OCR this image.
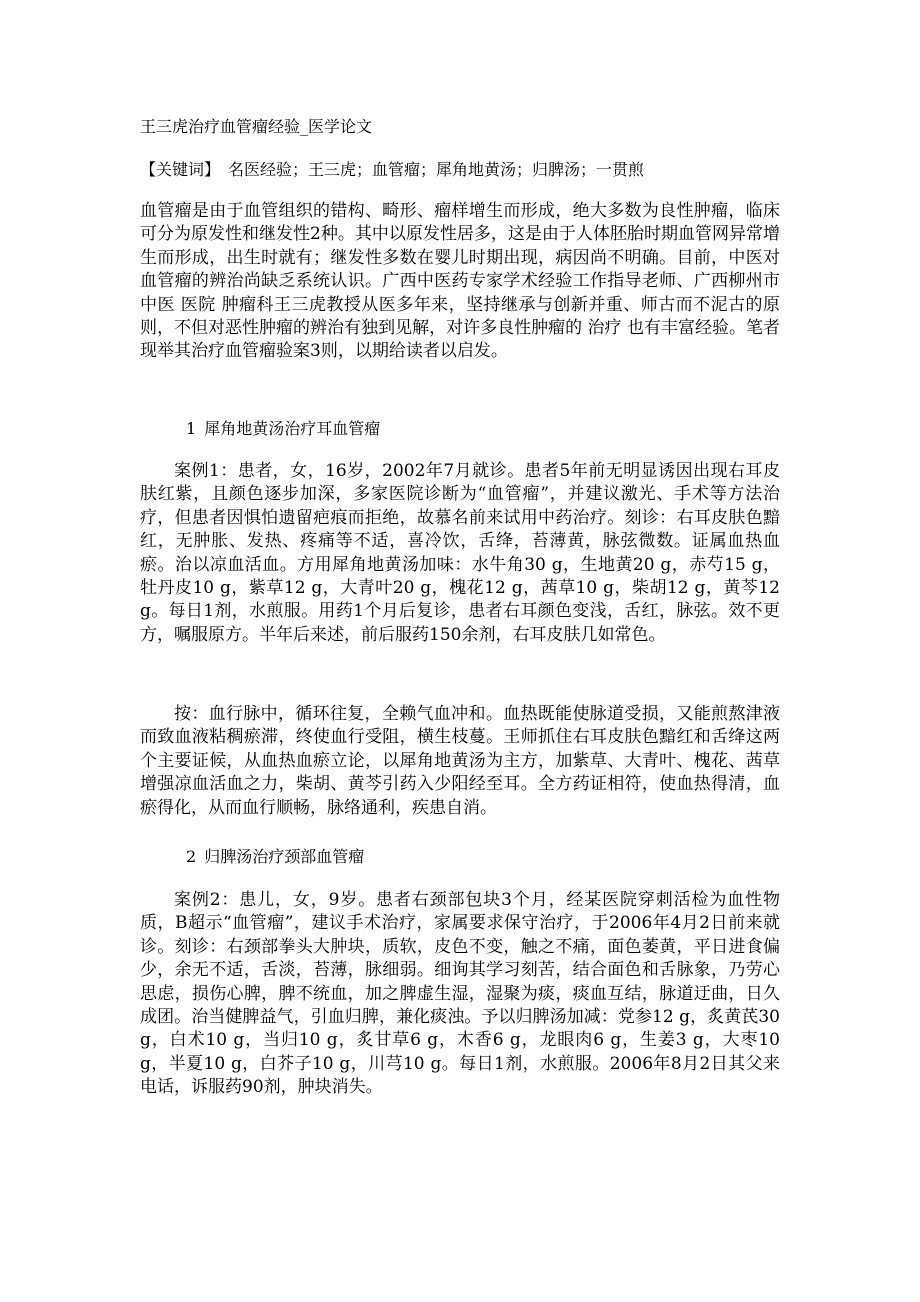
王三虎治疗血管瘤经验_医学论文
【关键词】 名医经验；王三虎；血管瘤；犀角地黄汤；归脾汤；一贯煎

血管瘤是由于血管组织的错构、畸形、瘤样增生而形成，绝大多数为良性肿瘤，临床可分为原发性和继发性2种。其中以原发性居多，这是由于人体胚胎时期血管网异常增生而形成，出生时就有；继发性多数在婴儿时期出现，病因尚不明确。目前，中医对血管瘤的辨治尚缺乏系统认识。广西中医药专家学术经验工作指导老师、广西柳州市中医 医院 肿瘤科王三虎教授从医多年来，坚持继承与创新并重、师古而不泥古的原则，不但对恶性肿瘤的辨治有独到见解，对许多良性肿瘤的 治疗 也有丰富经验。笔者现举其治疗血管瘤验案3则，以期给读者以启发。

1 犀角地黄汤治疗耳血管瘤

案例1：患者，女，16岁，2002年7月就诊。患者5年前无明显诱因出现右耳皮肤红紫，且颜色逐步加深，多家医院诊断为“血管瘤”，并建议激光、手术等方法治疗，但患者因惧怕遗留疤痕而拒绝，故慕名前来试用中药治疗。刻诊：右耳皮肤色黯红，无肿胀、发热、疼痛等不适，喜冷饮，舌绛，苔薄黄，脉弦微数。证属血热血瘀。治以凉血活血。方用犀角地黄汤加味：水牛角30 g，生地黄20 g，赤芍15 g，牡丹皮10 g，紫草12 g，大青叶20 g，槐花12 g，茜草10 g，柴胡12 g，黄芩12 g。每日1剂，水煎服。用药1个月后复诊，患者右耳颜色变浅，舌红，脉弦。效不更方，嘱服原方。半年后来述，前后服药150余剂，右耳皮肤几如常色。

按：血行脉中，循环往复，全赖气血冲和。血热既能使脉道受损，又能煎熬津液而致血液粘稠瘀滞，终使血行受阻，横生枝蔓。王师抓住右耳皮肤色黯红和舌绛这两个主要证候，从血热血瘀立论，以犀角地黄汤为主方，加紫草、大青叶、槐花、茜草增强凉血活血之力，柴胡、黄芩引药入少阳经至耳。全方药证相符，使血热得清，血瘀得化，从而血行顺畅，脉络通利，疾患自消。

2 归脾汤治疗颈部血管瘤

案例2：患儿，女，9岁。患者右颈部包块3个月，经某医院穿刺活检为血性物质，B超示“血管瘤”，建议手术治疗，家属要求保守治疗，于2006年4月2日前来就诊。刻诊：右颈部拳头大肿块，质软，皮色不变，触之不痛，面色萎黄，平日进食偏少，余无不适，舌淡，苔薄，脉细弱。细询其学习刻苦，结合面色和舌脉象，乃劳心思虑，损伤心脾，脾不统血，加之脾虚生湿，湿聚为痰，痰血互结，脉道迂曲，日久成团。治当健脾益气，引血归脾，兼化痰浊。予以归脾汤加减：党参12 g，炙黄芪30 g，白术10 g，当归10 g，炙甘草6 g，木香6 g，龙眼肉6 g，生姜3 g，大枣10 g，半夏10 g，白芥子10 g，川芎10 g。每日1剂，水煎服。2006年8月2日其父来电话，诉服药90剂，肿块消失。
